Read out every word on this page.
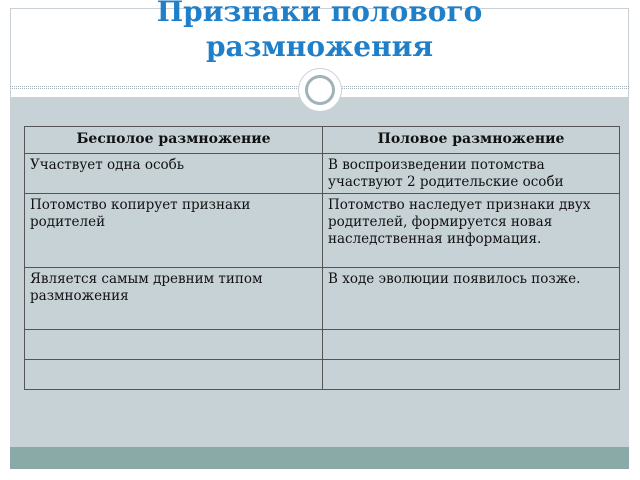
Признаки полового
размножения
Бесполое размножение	Половое размножение
Участвует одна особь	В воспроизведении потомства участвуют 2 родительские особи
Потомство копирует признаки родителей	Потомство наследует признаки двух родителей, формируется новая наследственная информация.
Является самым древним типом размножения	В ходе эволюции появилось позже.
